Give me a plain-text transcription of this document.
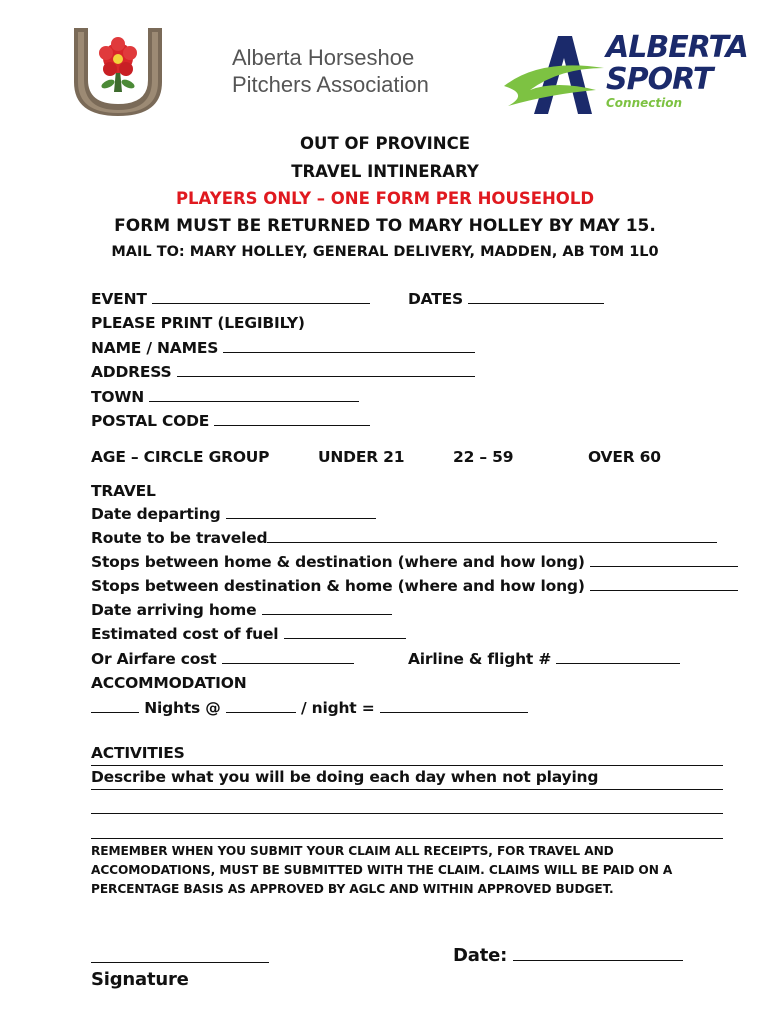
Alberta Horseshoe
Pitchers Association
ALBERTA
SPORT
Connection
OUT OF PROVINCE
TRAVEL INTINERARY
PLAYERS ONLY – ONE FORM PER HOUSEHOLD
FORM MUST BE RETURNED TO MARY HOLLEY BY MAY 15.
MAIL TO: MARY HOLLEY, GENERAL DELIVERY, MADDEN, AB T0M 1L0
EVENT	DATES
PLEASE PRINT (LEGIBILY)
NAME / NAMES
ADDRESS
TOWN
POSTAL CODE
AGE – CIRCLE GROUP	UNDER 21	22 – 59	OVER 60
TRAVEL
Date departing
Route to be traveled
Stops between home & destination (where and how long)
Stops between destination & home (where and how long)
Date arriving home
Estimated cost of fuel
Or Airfare cost	Airline & flight #
ACCOMMODATION
Nights @	/ night =
ACTIVITIES
Describe what you will be doing each day when not playing
REMEMBER WHEN YOU SUBMIT YOUR CLAIM ALL RECEIPTS, FOR TRAVEL AND ACCOMODATIONS, MUST BE SUBMITTED WITH THE CLAIM. CLAIMS WILL BE PAID ON A PERCENTAGE BASIS AS APPROVED BY AGLC AND WITHIN APPROVED BUDGET.
Signature
Date:
